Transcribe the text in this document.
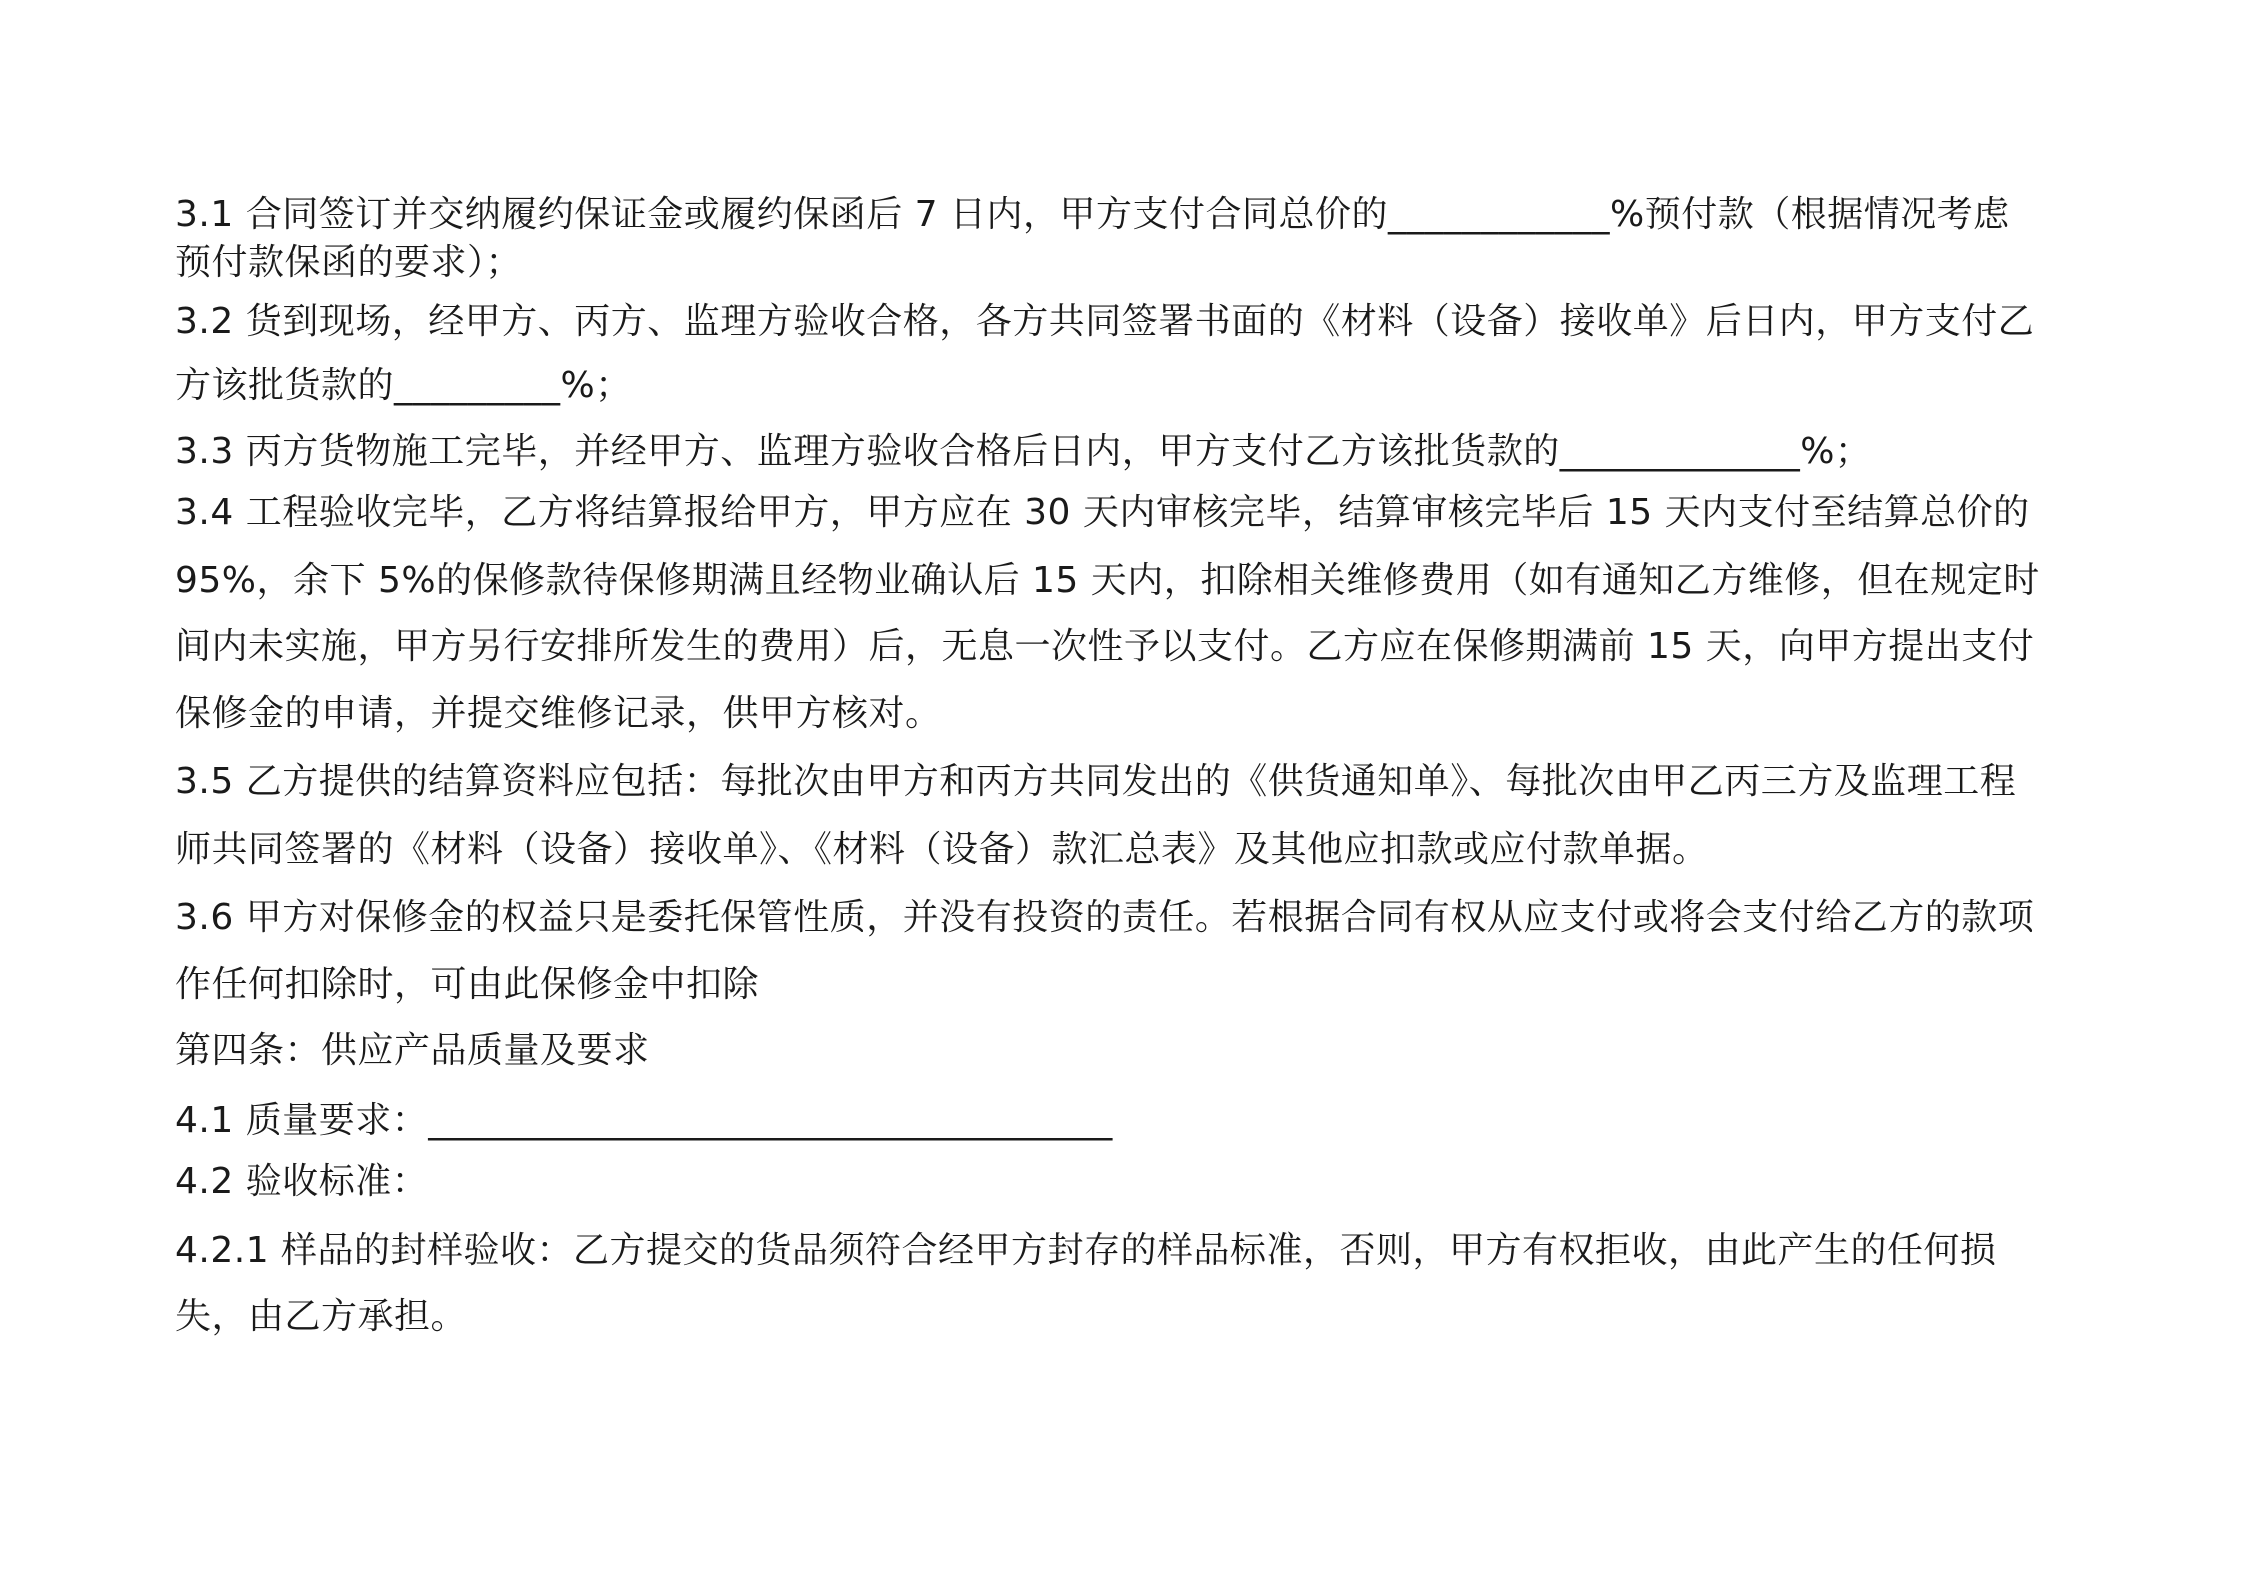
3.1 合同签订并交纳履约保证金或履约保函后 7 日内，甲方支付合同总价的____________%预付款（根据情况考虑
预付款保函的要求）；
3.2 货到现场，经甲方、丙方、监理方验收合格，各方共同签署书面的《材料（设备）接收单》后日内，甲方支付乙
方该批货款的_________%；
3.3 丙方货物施工完毕，并经甲方、监理方验收合格后日内，甲方支付乙方该批货款的_____________%；
3.4 工程验收完毕，乙方将结算报给甲方，甲方应在 30 天内审核完毕，结算审核完毕后 15 天内支付至结算总价的
95%，余下 5%的保修款待保修期满且经物业确认后 15 天内，扣除相关维修费用（如有通知乙方维修，但在规定时
间内未实施，甲方另行安排所发生的费用）后，无息一次性予以支付。乙方应在保修期满前 15 天，向甲方提出支付
保修金的申请，并提交维修记录，供甲方核对。
3.5 乙方提供的结算资料应包括：每批次由甲方和丙方共同发出的《供货通知单》、每批次由甲乙丙三方及监理工程
师共同签署的《材料（设备）接收单》、《材料（设备）款汇总表》及其他应扣款或应付款单据。
3.6 甲方对保修金的权益只是委托保管性质，并没有投资的责任。若根据合同有权从应支付或将会支付给乙方的款项
作任何扣除时，可由此保修金中扣除
第四条：供应产品质量及要求
4.1 质量要求：_____________________________________
4.2 验收标准：
4.2.1 样品的封样验收：乙方提交的货品须符合经甲方封存的样品标准，否则，甲方有权拒收，由此产生的任何损
失，由乙方承担。
